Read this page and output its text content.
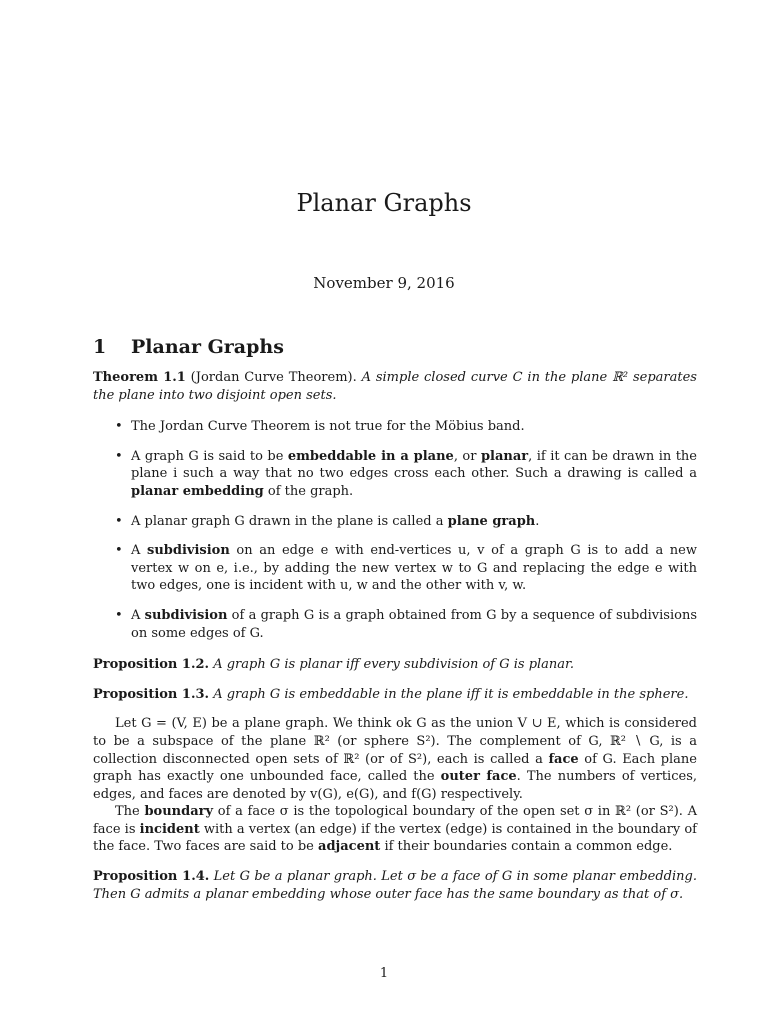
Planar Graphs
November 9, 2016
1 Planar Graphs

Theorem 1.1 (Jordan Curve Theorem). A simple closed curve C in the plane ℝ² separates the plane into two disjoint open sets.

• The Jordan Curve Theorem is not true for the Möbius band.
• A graph G is said to be embeddable in a plane, or planar, if it can be drawn in the plane i such a way that no two edges cross each other. Such a drawing is called a planar embedding of the graph.
• A planar graph G drawn in the plane is called a plane graph.
• A subdivision on an edge e with end-vertices u, v of a graph G is to add a new vertex w on e, i.e., by adding the new vertex w to G and replacing the edge e with two edges, one is incident with u, w and the other with v, w.
• A subdivision of a graph G is a graph obtained from G by a sequence of subdivisions on some edges of G.

Proposition 1.2. A graph G is planar iff every subdivision of G is planar.

Proposition 1.3. A graph G is embeddable in the plane iff it is embeddable in the sphere.

Let G = (V, E) be a plane graph. We think ok G as the union V ∪ E, which is considered to be a subspace of the plane ℝ² (or sphere S²). The complement of G, ℝ² ∖ G, is a collection disconnected open sets of ℝ² (or of S²), each is called a face of G. Each plane graph has exactly one unbounded face, called the outer face. The numbers of vertices, edges, and faces are denoted by v(G), e(G), and f(G) respectively.

The boundary of a face σ is the topological boundary of the open set σ in ℝ² (or S²). A face is incident with a vertex (an edge) if the vertex (edge) is contained in the boundary of the face. Two faces are said to be adjacent if their boundaries contain a common edge.

Proposition 1.4. Let G be a planar graph. Let σ be a face of G in some planar embedding. Then G admits a planar embedding whose outer face has the same boundary as that of σ.

1
